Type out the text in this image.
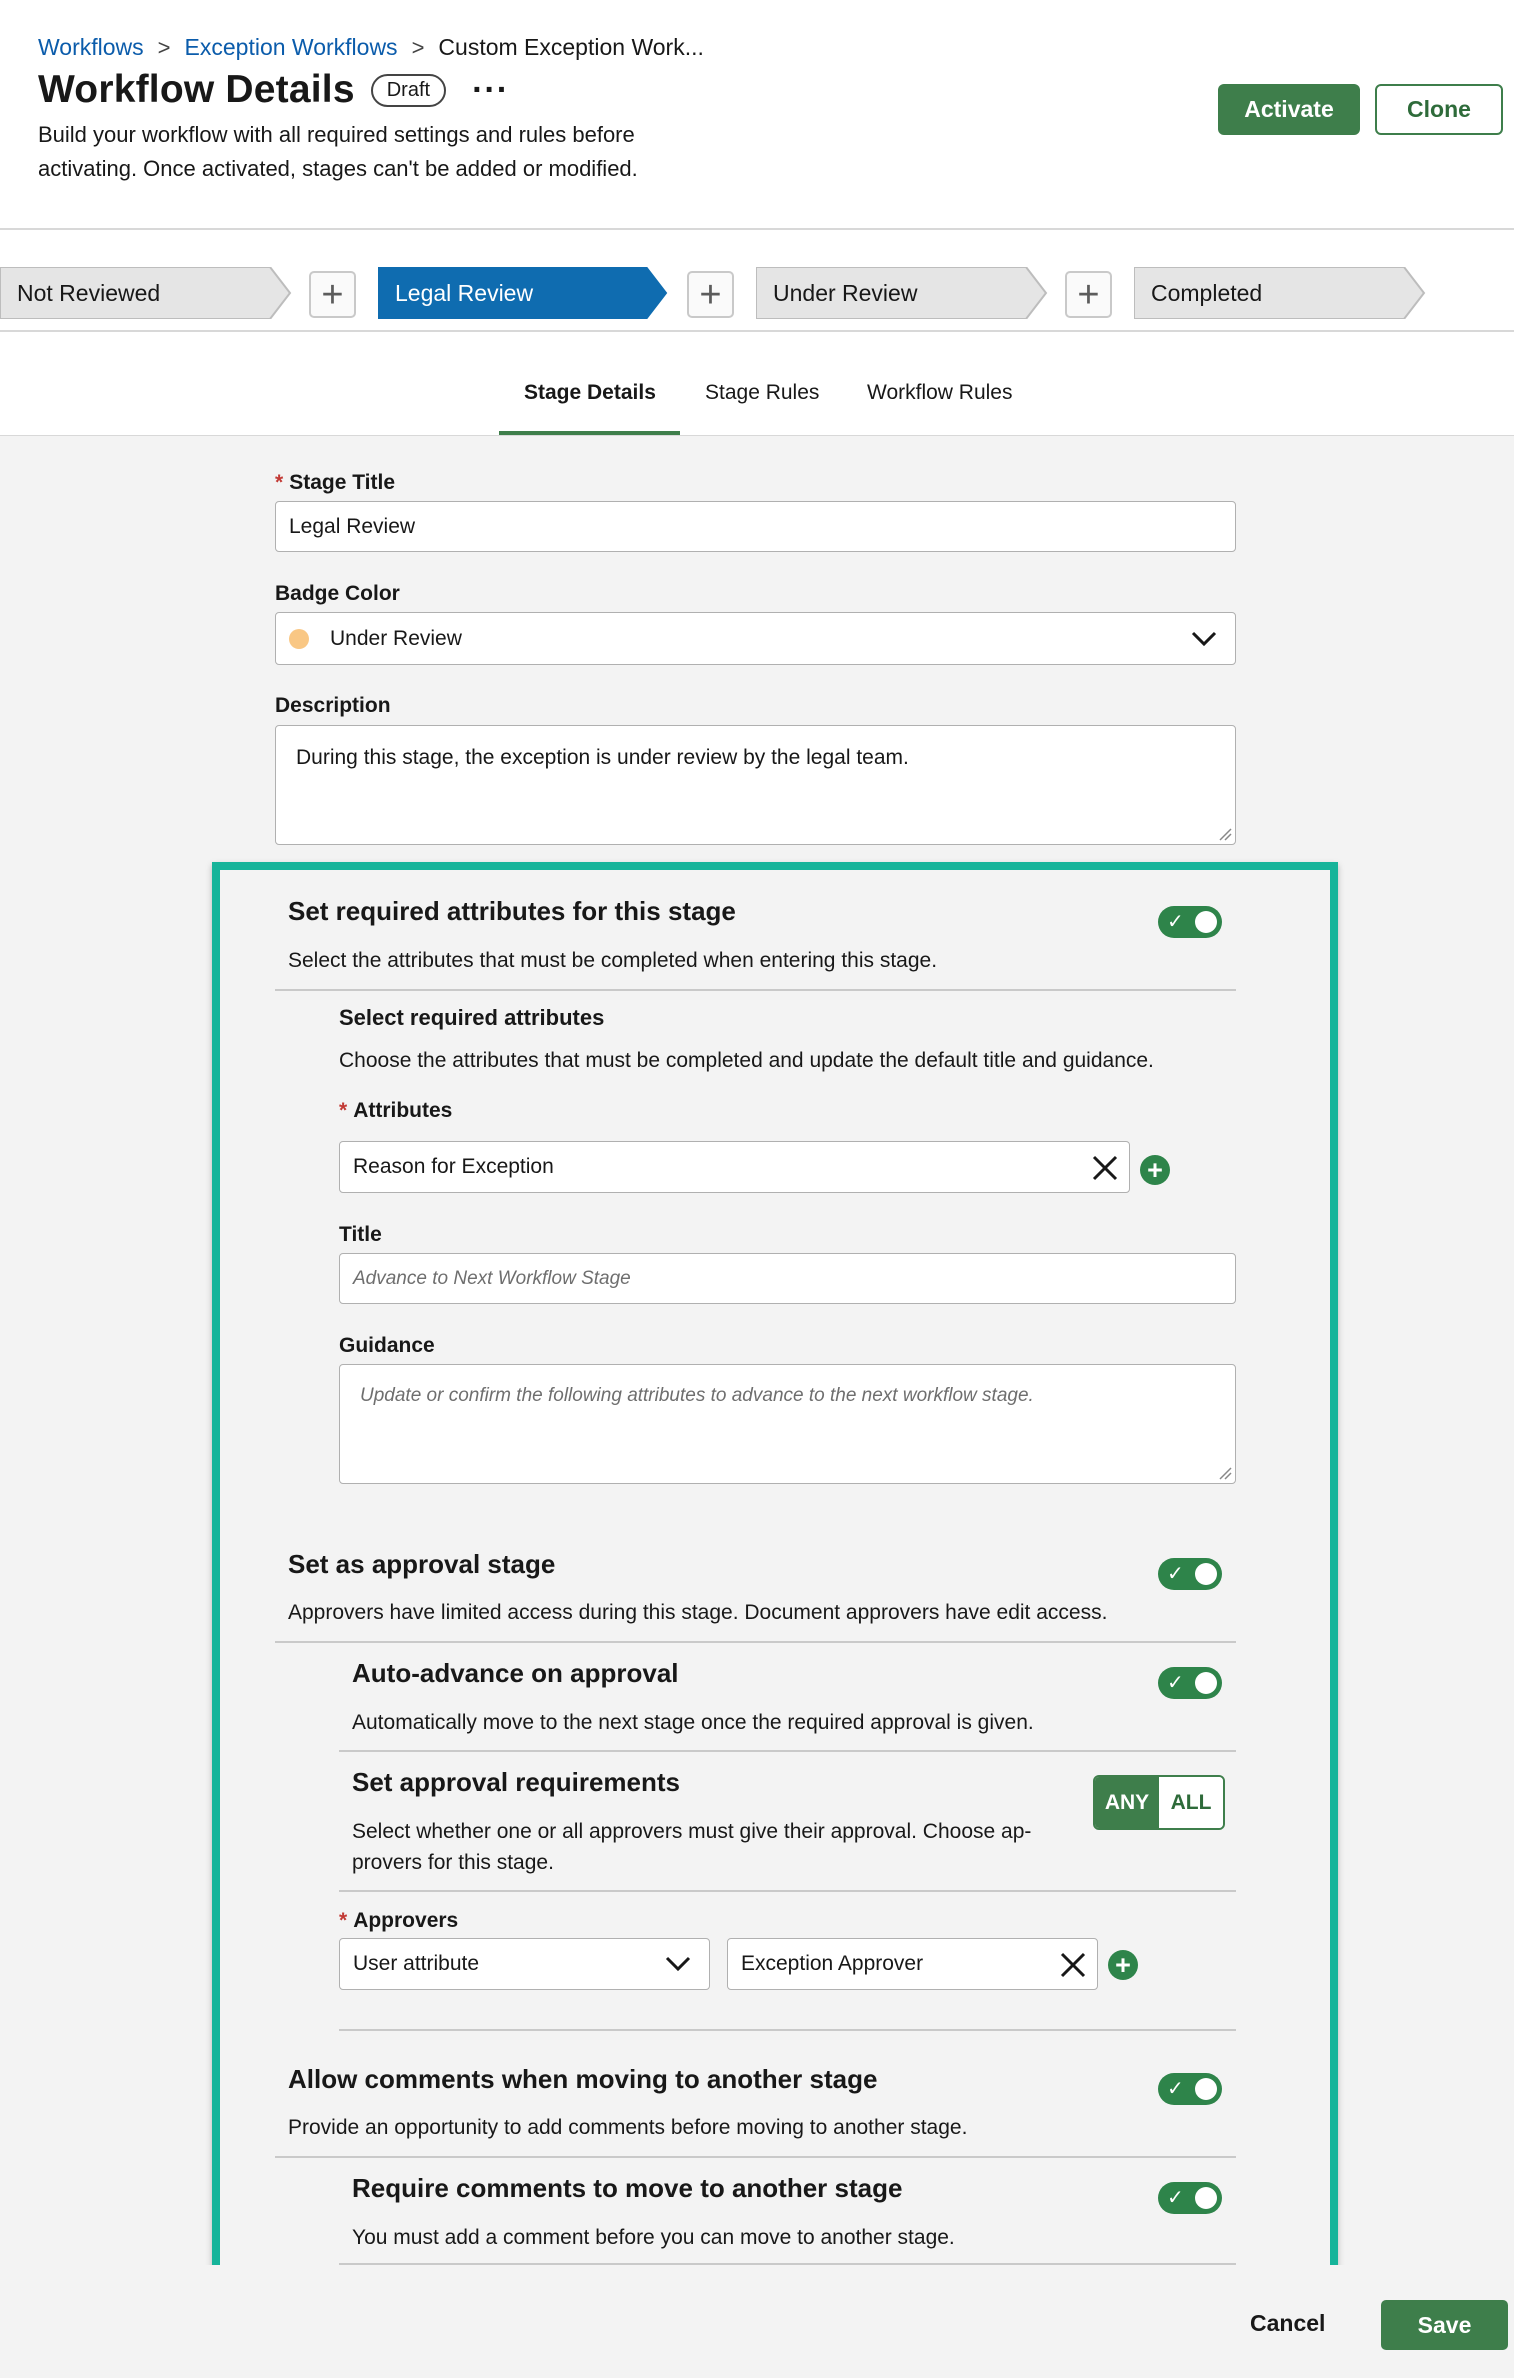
Workflows > Exception Workflows > Custom Exception Work...
Workflow Details	Draft	···
Build your workflow with all required settings and rules before activating. Once activated, stages can't be added or modified.
Activate	Clone
Not Reviewed	+	Legal Review	+	Under Review	+	Completed
Stage Details Stage Rules Workflow Rules
* Stage Title
Legal Review
Badge Color
Under Review
Description
During this stage, the exception is under review by the legal team.
Set required attributes for this stage
Select the attributes that must be completed when entering this stage.
✓
Select required attributes
Choose the attributes that must be completed and update the default title and guidance.
* Attributes
Reason for Exception	+
Title
Advance to Next Workflow Stage
Guidance
Update or confirm the following attributes to advance to the next workflow stage.
Set as approval stage
Approvers have limited access during this stage. Document approvers have edit access.
✓
Auto-advance on approval
Automatically move to the next stage once the required approval is given.
✓
Set approval requirements
Select whether one or all approvers must give their approval. Choose ap-
provers for this stage.
ANY	ALL
* Approvers
User attribute	Exception Approver	+
Allow comments when moving to another stage
Provide an opportunity to add comments before moving to another stage.
✓
Require comments to move to another stage
You must add a comment before you can move to another stage.
✓
Cancel	Save
